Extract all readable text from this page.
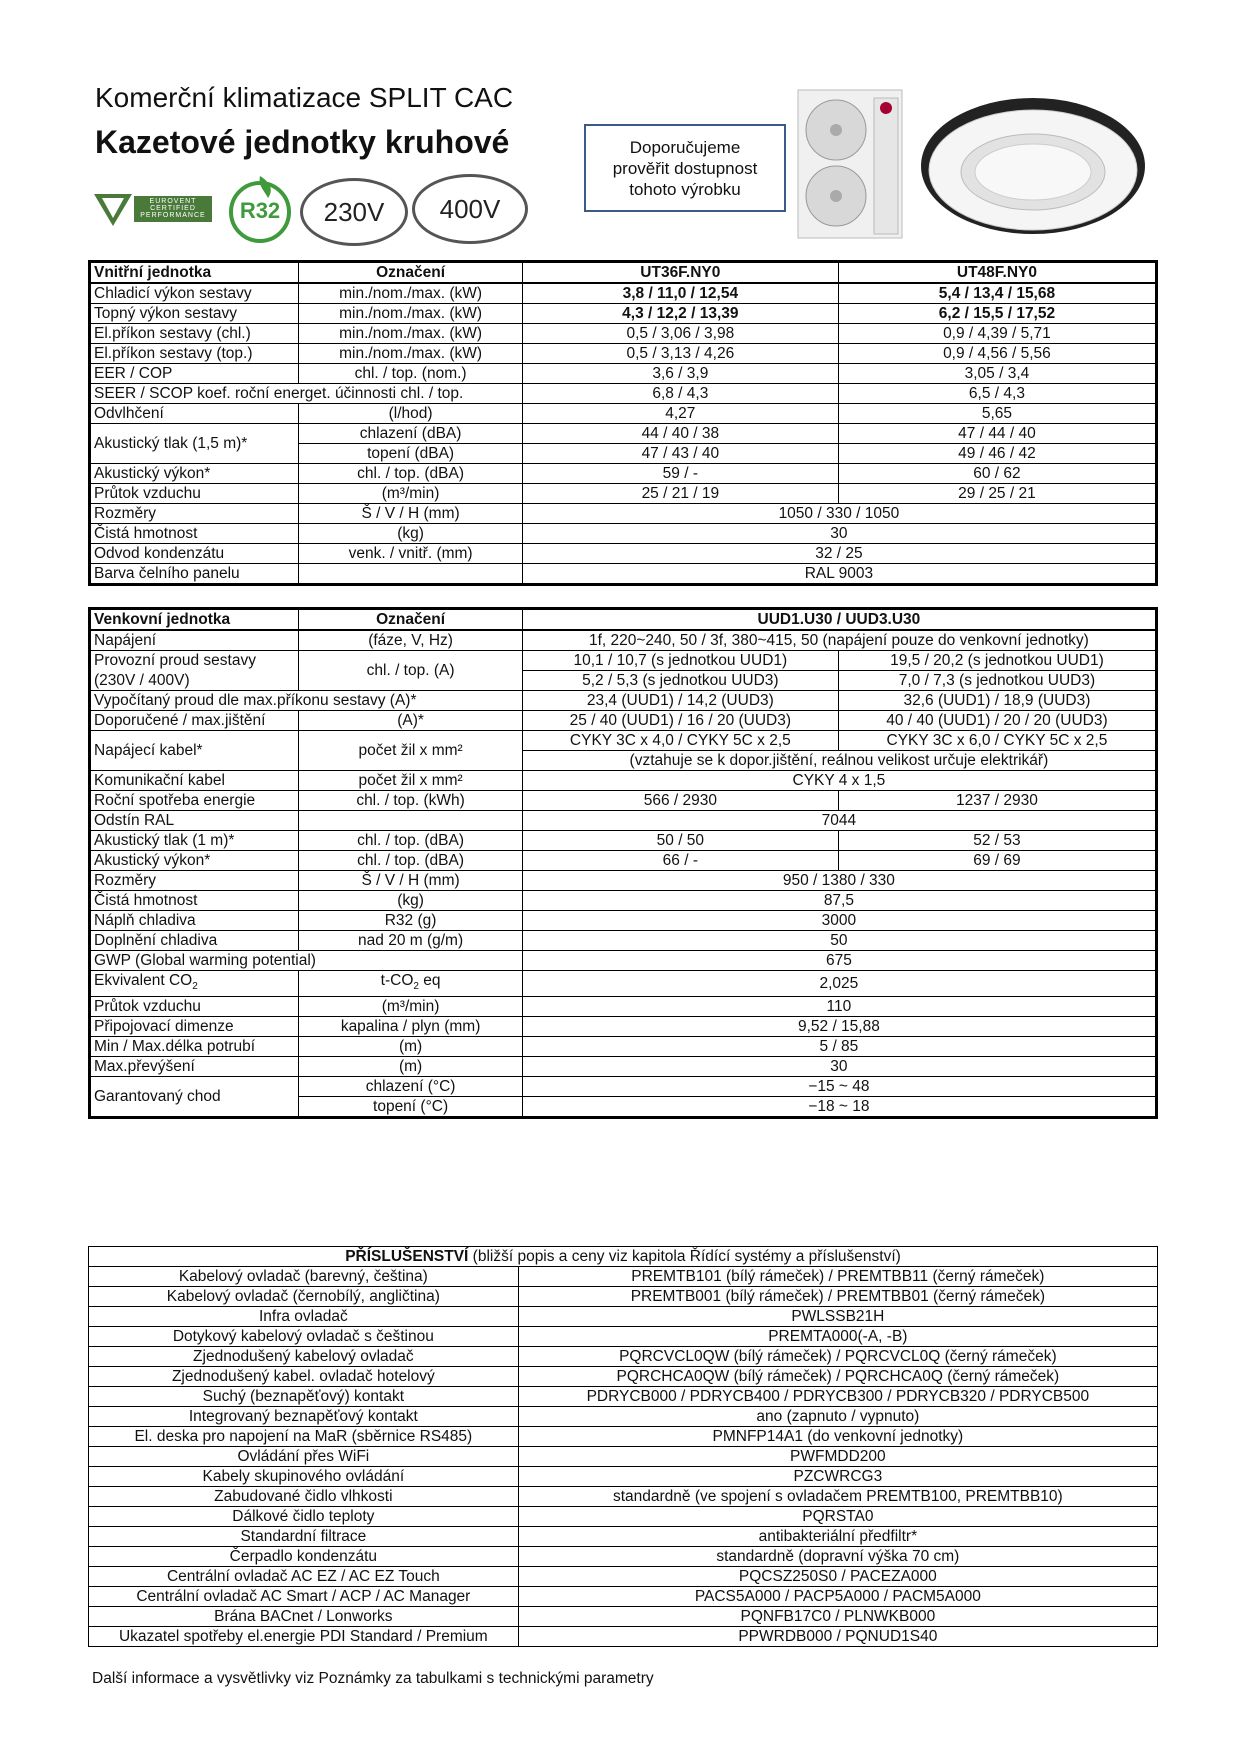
Komerční klimatizace SPLIT CAC
Kazetové jednotky kruhové
EUROVENT CERTIFIED PERFORMANCE	R32	230V	400V
Doporučujeme
prověřit dostupnost
tohoto výrobku
Vnitřní jednotka	Označení	UT36F.NY0	UT48F.NY0
Chladicí výkon sestavy	min./nom./max. (kW)	3,8 / 11,0 / 12,54	5,4 / 13,4 / 15,68
Topný výkon sestavy	min./nom./max. (kW)	4,3 / 12,2 / 13,39	6,2 / 15,5 / 17,52
El.příkon sestavy (chl.)	min./nom./max. (kW)	0,5 / 3,06 / 3,98	0,9 / 4,39 / 5,71
El.příkon sestavy (top.)	min./nom./max. (kW)	0,5 / 3,13 / 4,26	0,9 / 4,56 / 5,56
EER / COP	chl. / top. (nom.)	3,6 / 3,9	3,05 / 3,4
SEER / SCOP koef. roční energet. účinnosti chl. / top.		6,8 / 4,3	6,5 / 4,3
Odvlhčení	(l/hod)	4,27	5,65
Akustický tlak (1,5 m)*	chlazení (dBA)	44 / 40 / 38	47 / 44 / 40
	topení (dBA)	47 / 43 / 40	49 / 46 / 42
Akustický výkon*	chl. / top. (dBA)	59 / -	60 / 62
Průtok vzduchu	(m³/min)	25 / 21 / 19	29 / 25 / 21
Rozměry	Š / V / H (mm)	1050 / 330 / 1050	
Čistá hmotnost	(kg)	30	
Odvod kondenzátu	venk. / vnitř. (mm)	32 / 25	
Barva čelního panelu		RAL 9003	
Venkovní jednotka	Označení	UUD1.U30 / UUD3.U30	
Napájení	(fáze, V, Hz)	1f, 220~240, 50 / 3f, 380~415, 50 (napájení pouze do venkovní jednotky)	
Provozní proud sestavy	chl. / top. (A)	10,1 / 10,7 (s jednotkou UUD1)	19,5 / 20,2 (s jednotkou UUD1)
(230V / 400V)		5,2 / 5,3 (s jednotkou UUD3)	7,0 / 7,3 (s jednotkou UUD3)
Vypočítaný proud dle max.příkonu sestavy (A)*		23,4 (UUD1) / 14,2 (UUD3)	32,6 (UUD1) / 18,9 (UUD3)
Doporučené / max.jištění	(A)*	25 / 40 (UUD1) / 16 / 20 (UUD3)	40 / 40 (UUD1) / 20 / 20 (UUD3)
Napájecí kabel*	počet žil x mm²	CYKY 3C x 4,0 / CYKY 5C x 2,5	CYKY 3C x 6,0 / CYKY 5C x 2,5
		(vztahuje se k dopor.jištění, reálnou velikost určuje elektrikář)	
Komunikační kabel	počet žil x mm²	CYKY 4 x 1,5	
Roční spotřeba energie	chl. / top. (kWh)	566 / 2930	1237 / 2930
Odstín RAL		7044	
Akustický tlak (1 m)*	chl. / top. (dBA)	50 / 50	52 / 53
Akustický výkon*	chl. / top. (dBA)	66 / -	69 / 69
Rozměry	Š / V / H (mm)	950 / 1380 / 330	
Čistá hmotnost	(kg)	87,5	
Náplň chladiva	R32 (g)	3000	
Doplnění chladiva	nad 20 m (g/m)	50	
GWP (Global warming potential)		675	
Ekvivalent $CO_2$	$t-CO_2$ eq	2,025	
Průtok vzduchu	(m³/min)	110	
Připojovací dimenze	kapalina / plyn (mm)	9,52 / 15,88	
Min / Max.délka potrubí	(m)	5 / 85	
Max.převýšení	(m)	30	
Garantovaný chod	chlazení (°C)	−15 ~ 48	
	topení (°C)	−18 ~ 18	
PŘÍSLUŠENSTVÍ (bližší popis a ceny viz kapitola Řídící systémy a příslušenství)	
Kabelový ovladač (barevný, čeština)	PREMTB101 (bílý rámeček) / PREMTBB11 (černý rámeček)
Kabelový ovladač (černobílý, angličtina)	PREMTB001 (bílý rámeček) / PREMTBB01 (černý rámeček)
Infra ovladač	PWLSSB21H
Dotykový kabelový ovladač s češtinou	PREMTA000(-A, -B)
Zjednodušený kabelový ovladač	PQRCVCL0QW (bílý rámeček) / PQRCVCL0Q (černý rámeček)
Zjednodušený kabel. ovladač hotelový	PQRCHCA0QW (bílý rámeček) / PQRCHCA0Q (černý rámeček)
Suchý (beznapěťový) kontakt	PDRYCB000 / PDRYCB400 / PDRYCB300 / PDRYCB320 / PDRYCB500
Integrovaný beznapěťový kontakt	ano (zapnuto / vypnuto)
El. deska pro napojení na MaR (sběrnice RS485)	PMNFP14A1 (do venkovní jednotky)
Ovládání přes WiFi	PWFMDD200
Kabely skupinového ovládání	PZCWRCG3
Zabudované čidlo vlhkosti	standardně (ve spojení s ovladačem PREMTB100, PREMTBB10)
Dálkové čidlo teploty	PQRSTA0
Standardní filtrace	antibakteriální předfiltr*
Čerpadlo kondenzátu	standardně (dopravní výška 70 cm)
Centrální ovladač AC EZ / AC EZ Touch	PQCSZ250S0 / PACEZA000
Centrální ovladač AC Smart / ACP / AC Manager	PACS5A000 / PACP5A000 / PACM5A000
Brána BACnet / Lonworks	PQNFB17C0 / PLNWKB000
Ukazatel spotřeby el.energie PDI Standard / Premium	PPWRDB000 / PQNUD1S40
Další informace a vysvětlivky viz Poznámky za tabulkami s technickými parametry
